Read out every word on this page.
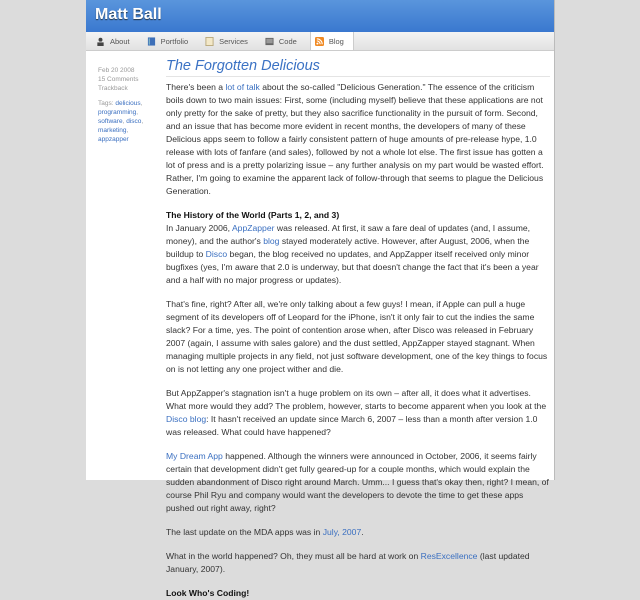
Matt Ball
About	Portfolio	Services	Code	Blog
Feb 20 2008
15 Comments
Trackback
Tags: delicious, programming, software, disco, marketing, appzapper
The Forgotten Delicious

There's been a lot of talk about the so-called "Delicious Generation." The essence of the criticism boils down to two main issues: First, some (including myself) believe that these applications are not only pretty for the sake of pretty, but they also sacrifice functionality in the pursuit of form. Second, and an issue that has become more evident in recent months, the developers of many of these Delicious apps seem to follow a fairly consistent pattern of huge amounts of pre-release hype, 1.0 release with lots of fanfare (and sales), followed by not a whole lot else. The first issue has gotten a lot of press and is a pretty polarizing issue – any further analysis on my part would be wasted effort. Rather, I'm going to examine the apparent lack of follow-through that seems to plague the Delicious Generation.

The History of the World (Parts 1, 2, and 3)

In January 2006, AppZapper was released. At first, it saw a fare deal of updates (and, I assume, money), and the author's blog stayed moderately active. However, after August, 2006, when the buildup to Disco began, the blog received no updates, and AppZapper itself received only minor bugfixes (yes, I'm aware that 2.0 is underway, but that doesn't change the fact that it's been a year and a half with no major progress or updates).

That's fine, right? After all, we're only talking about a few guys! I mean, if Apple can pull a huge segment of its developers off of Leopard for the iPhone, isn't it only fair to cut the indies the same slack? For a time, yes. The point of contention arose when, after Disco was released in February 2007 (again, I assume with sales galore) and the dust settled, AppZapper stayed stagnant. When managing multiple projects in any field, not just software development, one of the key things to focus on is not letting any one project wither and die.

But AppZapper's stagnation isn't a huge problem on its own – after all, it does what it advertises. What more would they add? The problem, however, starts to become apparent when you look at the Disco blog: It hasn't received an update since March 6, 2007 – less than a month after version 1.0 was released. What could have happened?

My Dream App happened. Although the winners were announced in October, 2006, it seems fairly certain that development didn't get fully geared-up for a couple months, which would explain the sudden abandonment of Disco right around March. Umm... I guess that's okay then, right? I mean, of course Phil Ryu and company would want the developers to devote the time to get these apps pushed out right away, right?

The last update on the MDA apps was in July, 2007.

What in the world happened? Oh, they must all be hard at work on ResExcellence (last updated January, 2007).

Look Who's Coding!
